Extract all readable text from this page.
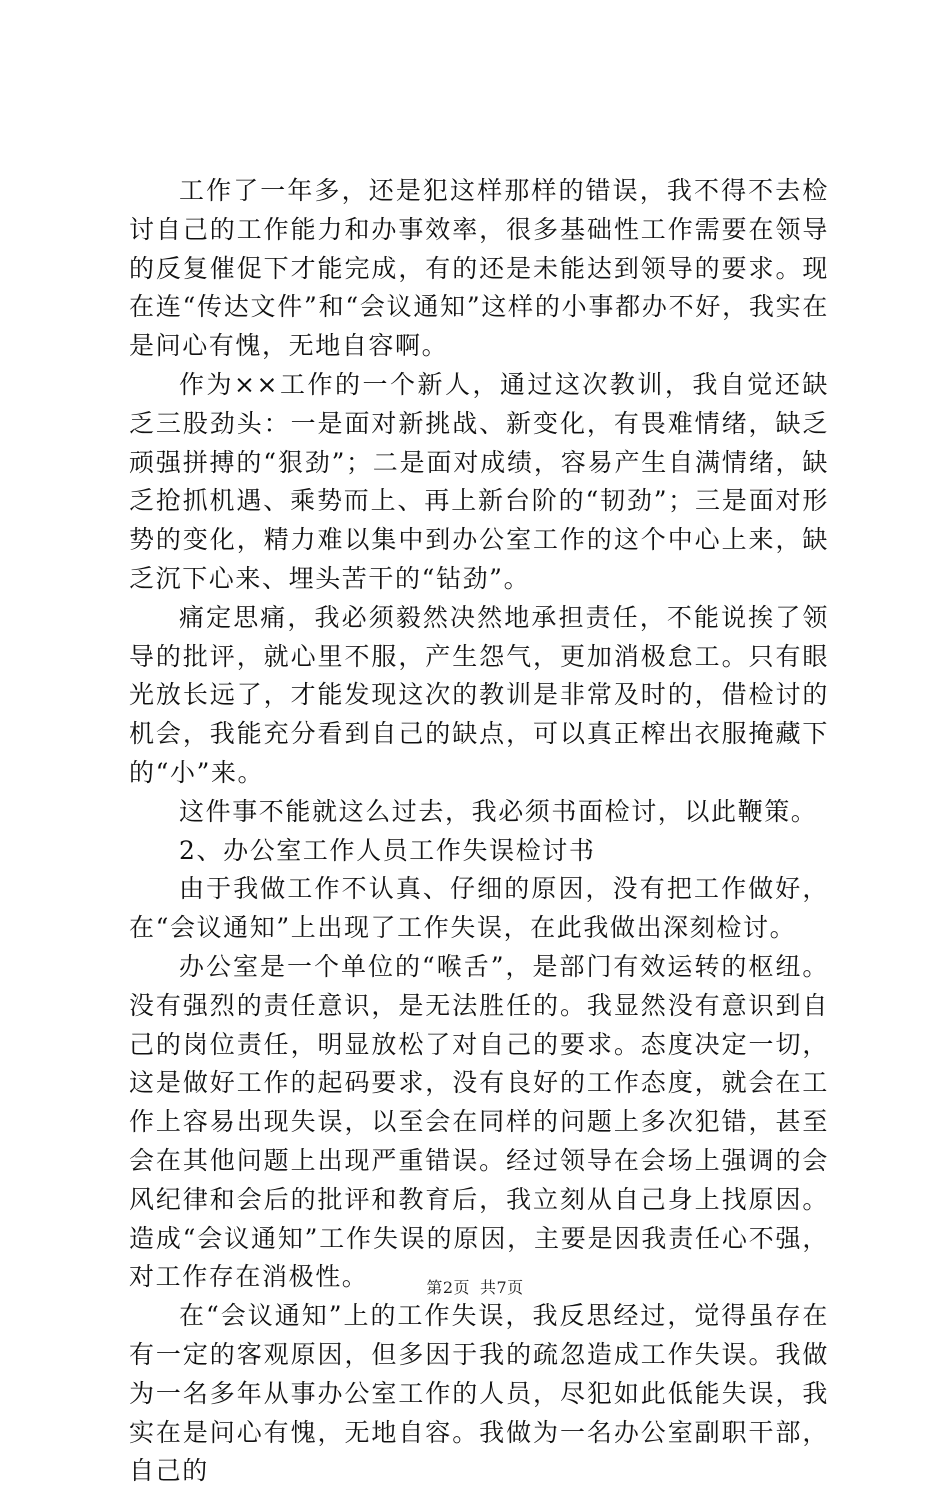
工作了一年多，还是犯这样那样的错误，我不得不去检讨自己的工作能力和办事效率，很多基础性工作需要在领导的反复催促下才能完成，有的还是未能达到领导的要求。现在连“传达文件”和“会议通知”这样的小事都办不好，我实在是问心有愧，无地自容啊。

作为××工作的一个新人，通过这次教训，我自觉还缺乏三股劲头：一是面对新挑战、新变化，有畏难情绪，缺乏顽强拼搏的“狠劲”；二是面对成绩，容易产生自满情绪，缺乏抢抓机遇、乘势而上、再上新台阶的“韧劲”；三是面对形势的变化，精力难以集中到办公室工作的这个中心上来，缺乏沉下心来、埋头苦干的“钻劲”。

痛定思痛，我必须毅然决然地承担责任，不能说挨了领导的批评，就心里不服，产生怨气，更加消极怠工。只有眼光放长远了，才能发现这次的教训是非常及时的，借检讨的机会，我能充分看到自己的缺点，可以真正榨出衣服掩藏下的“小”来。

这件事不能就这么过去，我必须书面检讨，以此鞭策。

2、办公室工作人员工作失误检讨书

由于我做工作不认真、仔细的原因，没有把工作做好，在“会议通知”上出现了工作失误，在此我做出深刻检讨。

办公室是一个单位的“喉舌”，是部门有效运转的枢纽。没有强烈的责任意识，是无法胜任的。我显然没有意识到自己的岗位责任，明显放松了对自己的要求。态度决定一切，这是做好工作的起码要求，没有良好的工作态度，就会在工作上容易出现失误，以至会在同样的问题上多次犯错，甚至会在其他问题上出现严重错误。经过领导在会场上强调的会风纪律和会后的批评和教育后，我立刻从自己身上找原因。造成“会议通知”工作失误的原因，主要是因我责任心不强，对工作存在消极性。

在“会议通知”上的工作失误，我反思经过，觉得虽存在有一定的客观原因，但多因于我的疏忽造成工作失误。我做为一名多年从事办公室工作的人员，尽犯如此低能失误，我实在是问心有愧，无地自容。我做为一名办公室副职干部，自己的

第2页 共7页
